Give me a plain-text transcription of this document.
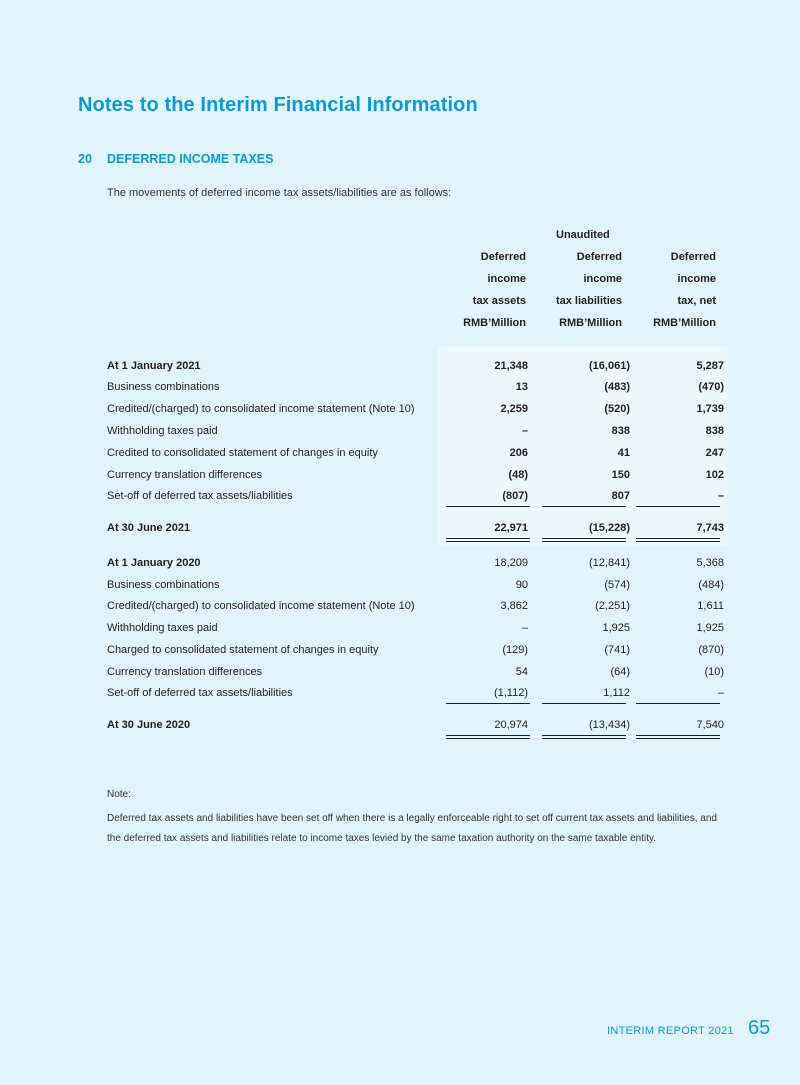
Notes to the Interim Financial Information
20 DEFERRED INCOME TAXES
The movements of deferred income tax assets/liabilities are as follows:
Unaudited
Deferred
income
tax assets
RMB’Million
Deferred
income
tax liabilities
RMB’Million
Deferred
income
tax, net
RMB’Million
At 1 January 2021	21,348	(16,061)	5,287
Business combinations	13	(483)	(470)
Credited/(charged) to consolidated income statement (Note 10)	2,259	(520)	1,739
Withholding taxes paid	–	838	838
Credited to consolidated statement of changes in equity	206	41	247
Currency translation differences	(48)	150	102
Set-off of deferred tax assets/liabilities	(807)	807	–
At 30 June 2021	22,971	(15,228)	7,743
At 1 January 2020	18,209	(12,841)	5,368
Business combinations	90	(574)	(484)
Credited/(charged) to consolidated income statement (Note 10)	3,862	(2,251)	1,611
Withholding taxes paid	–	1,925	1,925
Charged to consolidated statement of changes in equity	(129)	(741)	(870)
Currency translation differences	54	(64)	(10)
Set-off of deferred tax assets/liabilities	(1,112)	1,112	–
At 30 June 2020	20,974	(13,434)	7,540
Note:
Deferred tax assets and liabilities have been set off when there is a legally enforceable right to set off current tax assets and liabilities, and the deferred tax assets and liabilities relate to income taxes levied by the same taxation authority on the same taxable entity.
INTERIM REPORT 2021 65
